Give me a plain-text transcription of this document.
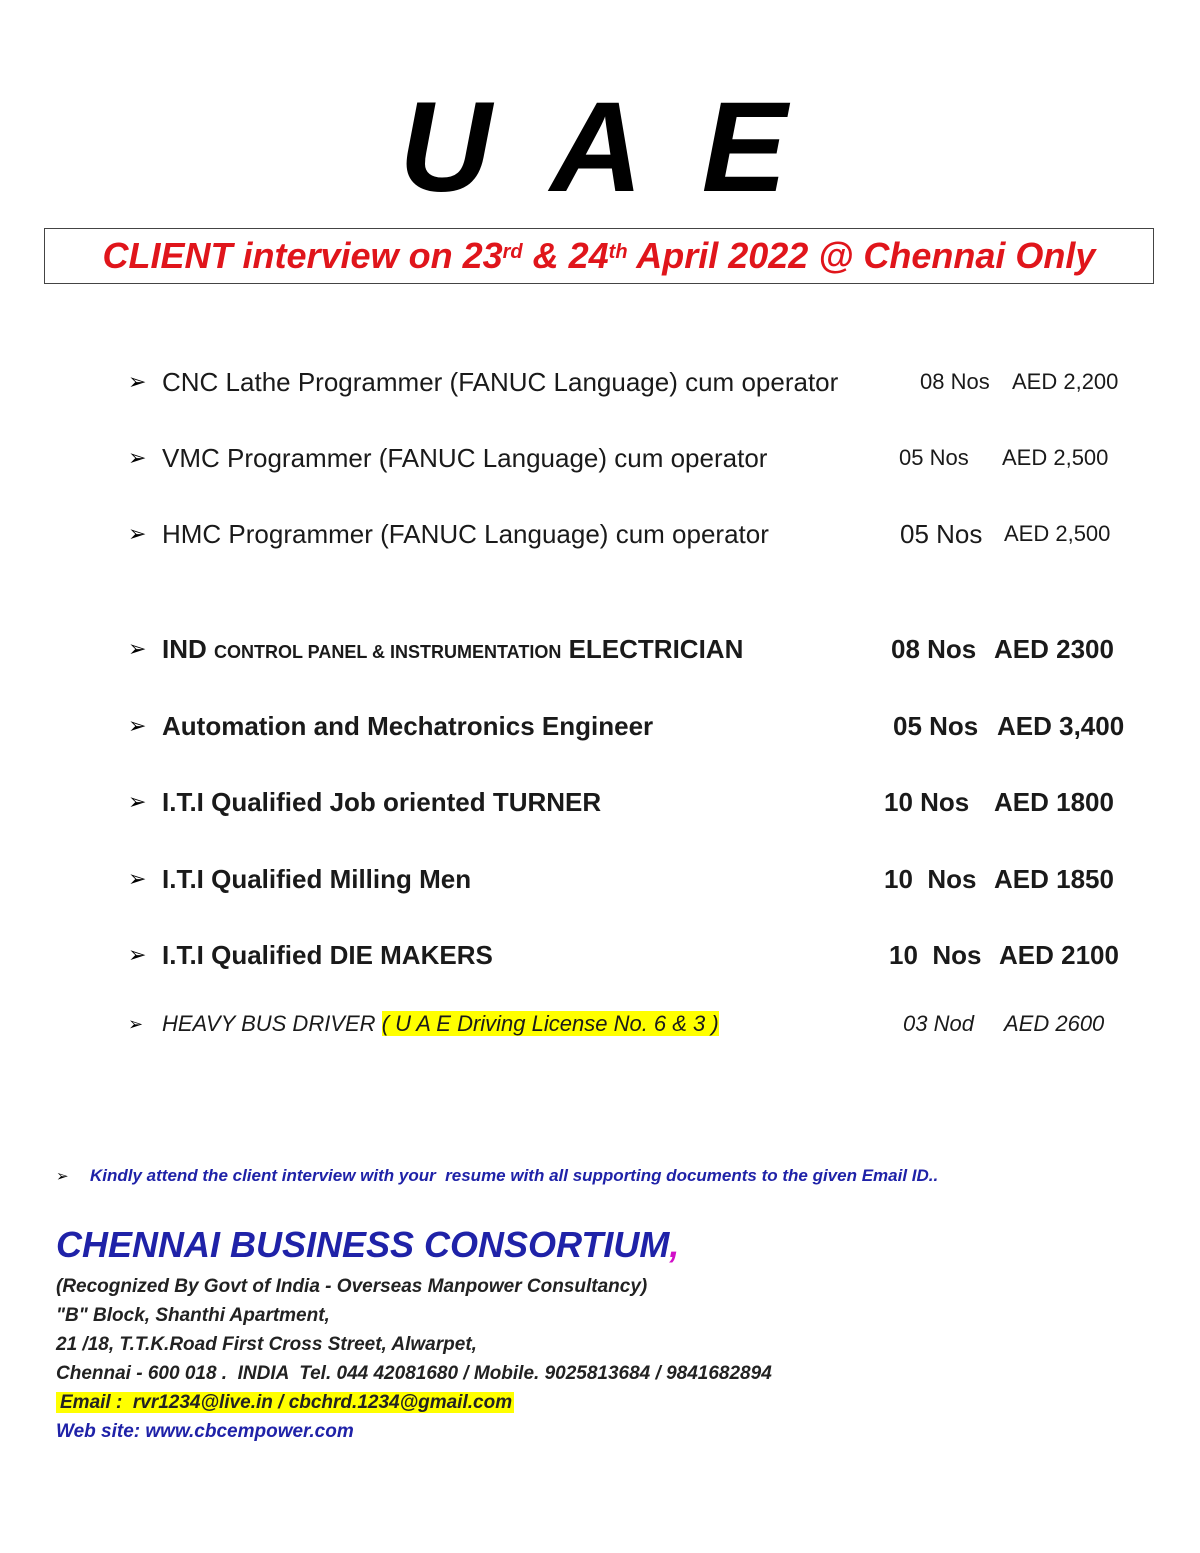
U A E
CLIENT interview on 23rd & 24th April 2022 @ Chennai Only
➢ CNC Lathe Programmer (FANUC Language) cum operator	08 Nos AED 2,200
➢ VMC Programmer (FANUC Language) cum operator	05 Nos AED 2,500
➢ HMC Programmer (FANUC Language) cum operator	05 Nos AED 2,500
➢ IND CONTROL PANEL & INSTRUMENTATION ELECTRICIAN	08 Nos AED 2300
➢ Automation and Mechatronics Engineer	05 Nos AED 3,400
➢ I.T.I Qualified Job oriented TURNER	10 Nos AED 1800
➢ I.T.I Qualified Milling Men	10  Nos AED 1850
➢ I.T.I Qualified DIE MAKERS	10  Nos AED 2100
➢ HEAVY BUS DRIVER ( U A E Driving License No. 6 & 3 )	03 Nod AED 2600
➢	Kindly attend the client interview with your  resume with all supporting documents to the given Email ID..
CHENNAI BUSINESS CONSORTIUM,
(Recognized By Govt of India - Overseas Manpower Consultancy)
"B" Block, Shanthi Apartment,
21 /18, T.T.K.Road First Cross Street, Alwarpet,
Chennai - 600 018 .  INDIA  Tel. 044 42081680 / Mobile. 9025813684 / 9841682894
Email :  rvr1234@live.in / cbchrd.1234@gmail.com
Web site: www.cbcempower.com
